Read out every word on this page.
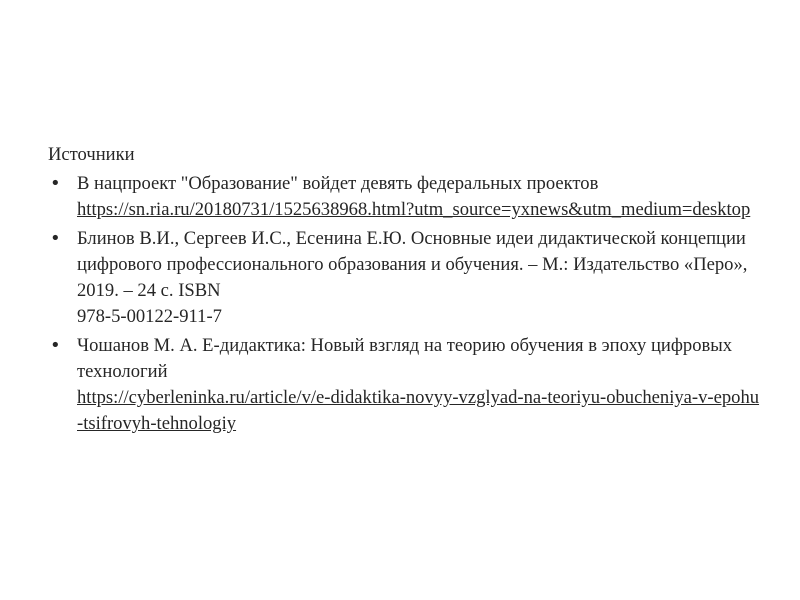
Источники
• В нацпроект "Образование" войдет девять федеральных проектов
https://sn.ria.ru/20180731/1525638968.html?utm_source=yxnews&utm_medium=desktop
• Блинов В.И., Сергеев И.С., Есенина Е.Ю. Основные идеи дидактической концепции цифрового профессионального образования и обучения. – М.: Издательство «Перо», 2019. – 24 с. ISBN
978-5-00122-911-7
• Чошанов М. А. Е-дидактика: Новый взгляд на теорию обучения в эпоху цифровых технологий
https://cyberleninka.ru/article/v/e-didaktika-novyy-vzglyad-na-teoriyu-obucheniya-v-epohu-tsifrovyh-tehnologiy
